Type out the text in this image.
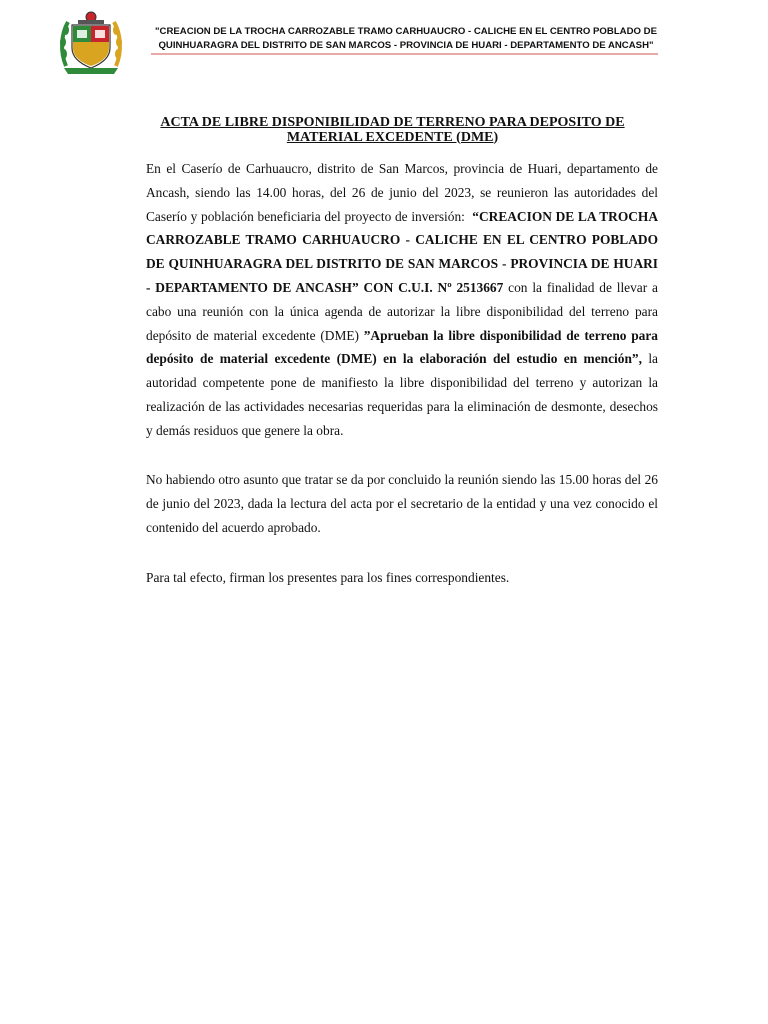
"CREACION DE LA TROCHA CARROZABLE TRAMO CARHUAUCRO - CALICHE EN EL CENTRO POBLADO DE QUINHUARAGRA DEL DISTRITO DE SAN MARCOS - PROVINCIA DE HUARI - DEPARTAMENTO DE ANCASH"
ACTA DE LIBRE DISPONIBILIDAD DE TERRENO PARA DEPOSITO DE MATERIAL EXCEDENTE (DME)

En el Caserío de Carhuaucro, distrito de San Marcos, provincia de Huari, departamento de Ancash, siendo las 14.00 horas, del 26 de junio del 2023, se reunieron las autoridades del Caserío y población beneficiaria del proyecto de inversión: “CREACION DE LA TROCHA CARROZABLE TRAMO CARHUAUCRO - CALICHE EN EL CENTRO POBLADO DE QUINHUARAGRA DEL DISTRITO DE SAN MARCOS - PROVINCIA DE HUARI - DEPARTAMENTO DE ANCASH” CON C.U.I. Nº 2513667 con la finalidad de llevar a cabo una reunión con la única agenda de autorizar la libre disponibilidad del terreno para depósito de material excedente (DME) ”Aprueban la libre disponibilidad de terreno para depósito de material excedente (DME) en la elaboración del estudio en mención”, la autoridad competente pone de manifiesto la libre disponibilidad del terreno y autorizan la realización de las actividades necesarias requeridas para la eliminación de desmonte, desechos y demás residuos que genere la obra.

No habiendo otro asunto que tratar se da por concluido la reunión siendo las 15.00 horas del 26 de junio del 2023, dada la lectura del acta por el secretario de la entidad y una vez conocido el contenido del acuerdo aprobado.

Para tal efecto, firman los presentes para los fines correspondientes.
